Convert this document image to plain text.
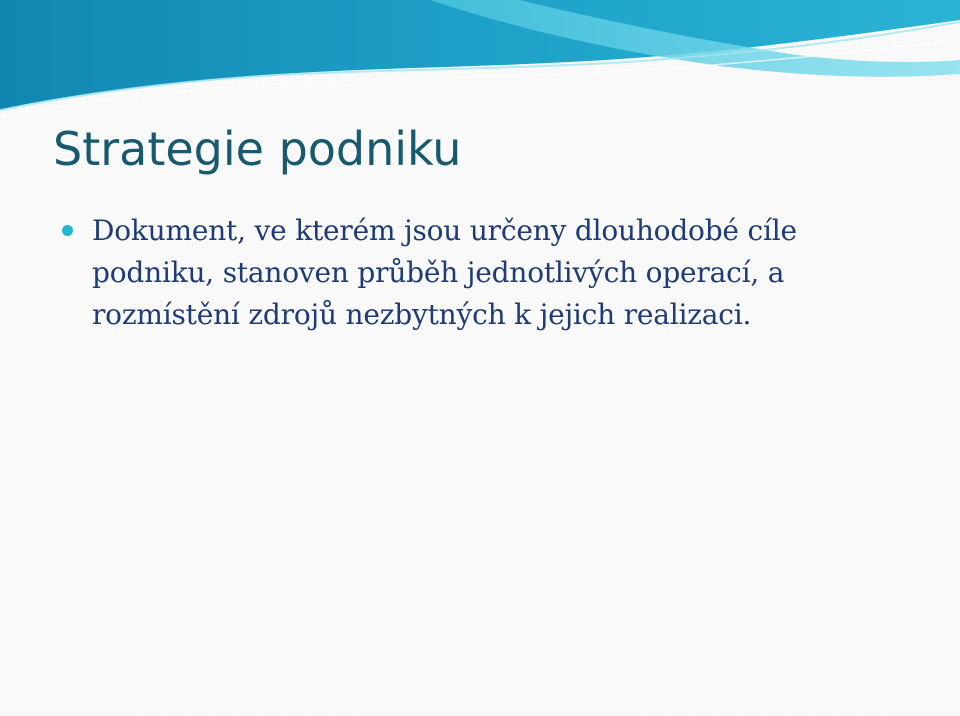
Strategie podniku

Dokument, ve kterém jsou určeny dlouhodobé cíle podniku, stanoven průběh jednotlivých operací, a rozmístění zdrojů nezbytných k jejich realizaci.
